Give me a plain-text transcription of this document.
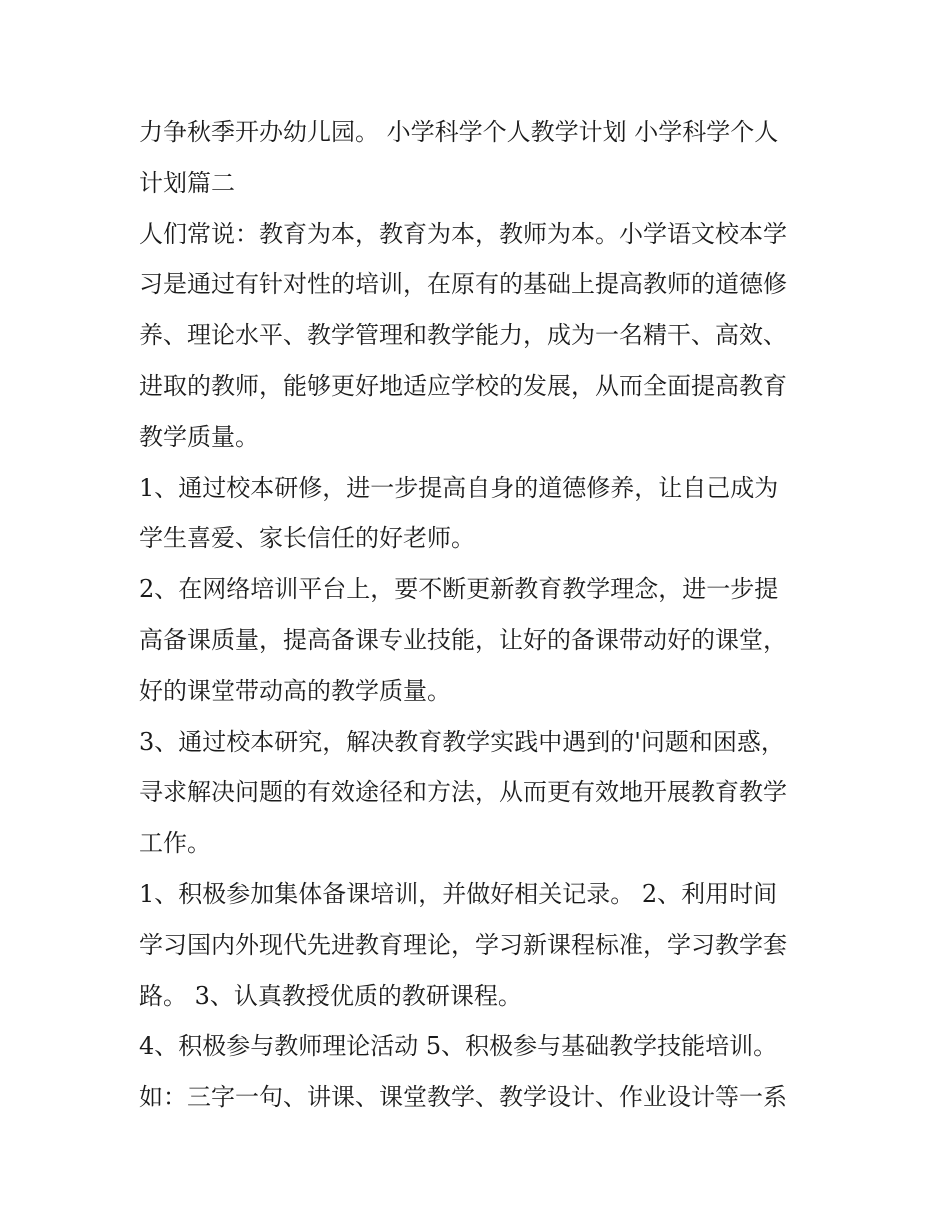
力争秋季开办幼儿园。 小学科学个人教学计划 小学科学个人
计划篇二

人们常说：教育为本，教育为本，教师为本。小学语文校本学
习是通过有针对性的培训，在原有的基础上提高教师的道德修
养、理论水平、教学管理和教学能力，成为一名精干、高效、
进取的教师，能够更好地适应学校的发展，从而全面提高教育
教学质量。

1、通过校本研修，进一步提高自身的道德修养，让自己成为
学生喜爱、家长信任的好老师。

2、在网络培训平台上，要不断更新教育教学理念，进一步提
高备课质量，提高备课专业技能，让好的备课带动好的课堂，
好的课堂带动高的教学质量。

3、通过校本研究，解决教育教学实践中遇到的'问题和困惑，
寻求解决问题的有效途径和方法，从而更有效地开展教育教学
工作。

1、积极参加集体备课培训，并做好相关记录。 2、利用时间
学习国内外现代先进教育理论，学习新课程标准，学习教学套
路。 3、认真教授优质的教研课程。

4、积极参与教师理论活动 5、积极参与基础教学技能培训。
如：三字一句、讲课、课堂教学、教学设计、作业设计等一系
